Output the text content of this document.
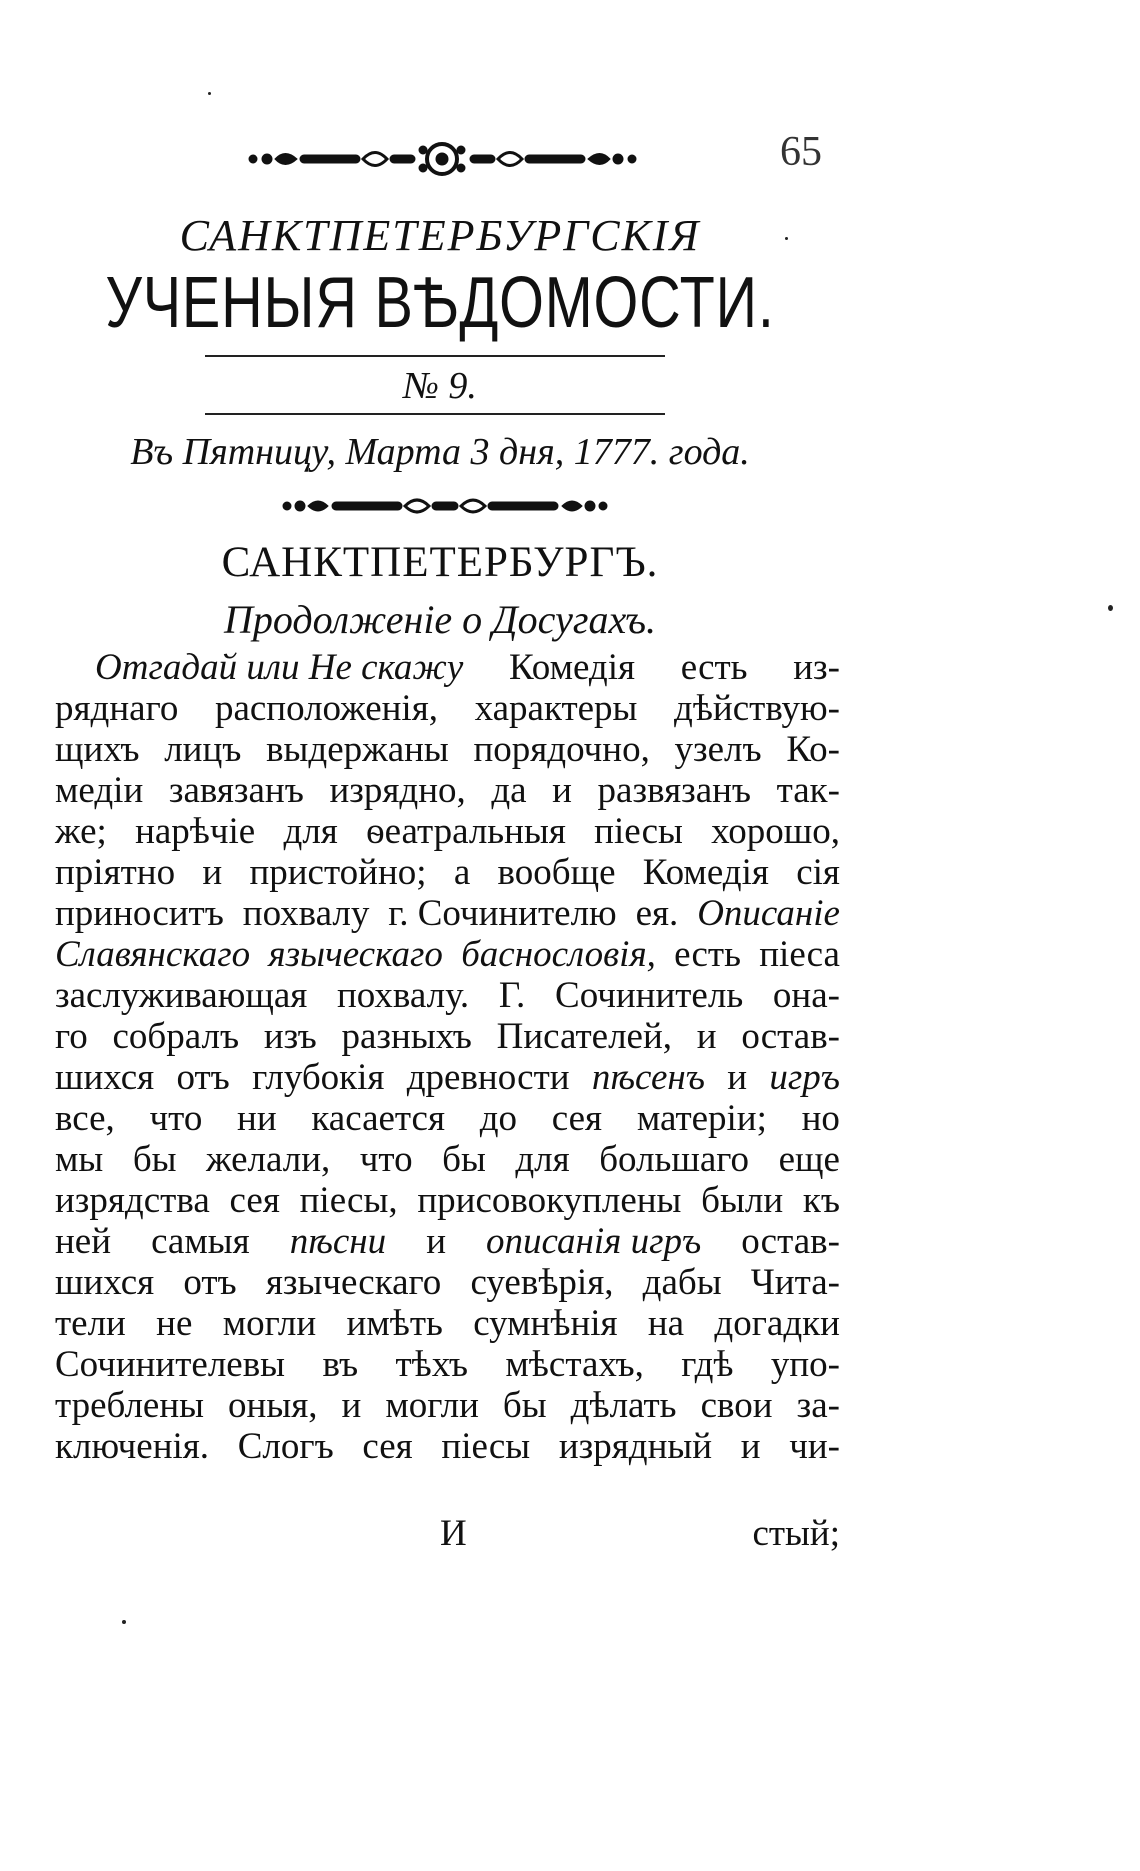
65
САНКТПЕТЕРБУРГСКІЯ
УЧЕНЫЯ ВѢДОМОСТИ.
№ 9.
Въ Пятницу, Марта 3 дня, 1777. года.
САНКТПЕТЕРБУРГЪ.
Продолженіе о Досугахъ.
Отгадай или Не скажу Комедія есть из-
ряднаго расположенія, характеры дѣйствую-
щихъ лицъ выдержаны порядочно, узелъ Ко-
медіи завязанъ изрядно, да и развязанъ так-
же; нарѣчіе для ѳеатральныя піесы хорошо,
пріятно и пристойно; а вообще Комедія сія
приноситъ похвалу г. Сочинителю ея. Описаніе
Славянскаго языческаго баснословія, есть піеса
заслуживающая похвалу. Г. Сочинитель она-
го собралъ изъ разныхъ Писателей, и остав-
шихся отъ глубокія древности пѣсенъ и игръ
все, что ни касается до сея матеріи; но
мы бы желали, что бы для большаго еще
изрядства сея піесы, присовокуплены были къ
ней самыя пѣсни и описанія игръ остав-
шихся отъ языческаго суевѣрія, дабы Чита-
тели не могли имѣть сумнѣнія на догадки
Сочинителевы въ тѣхъ мѣстахъ, гдѣ упо-
треблены оныя, и могли бы дѣлать свои за-
ключенія. Слогъ сея піесы изрядный и чи-
И	стый;
